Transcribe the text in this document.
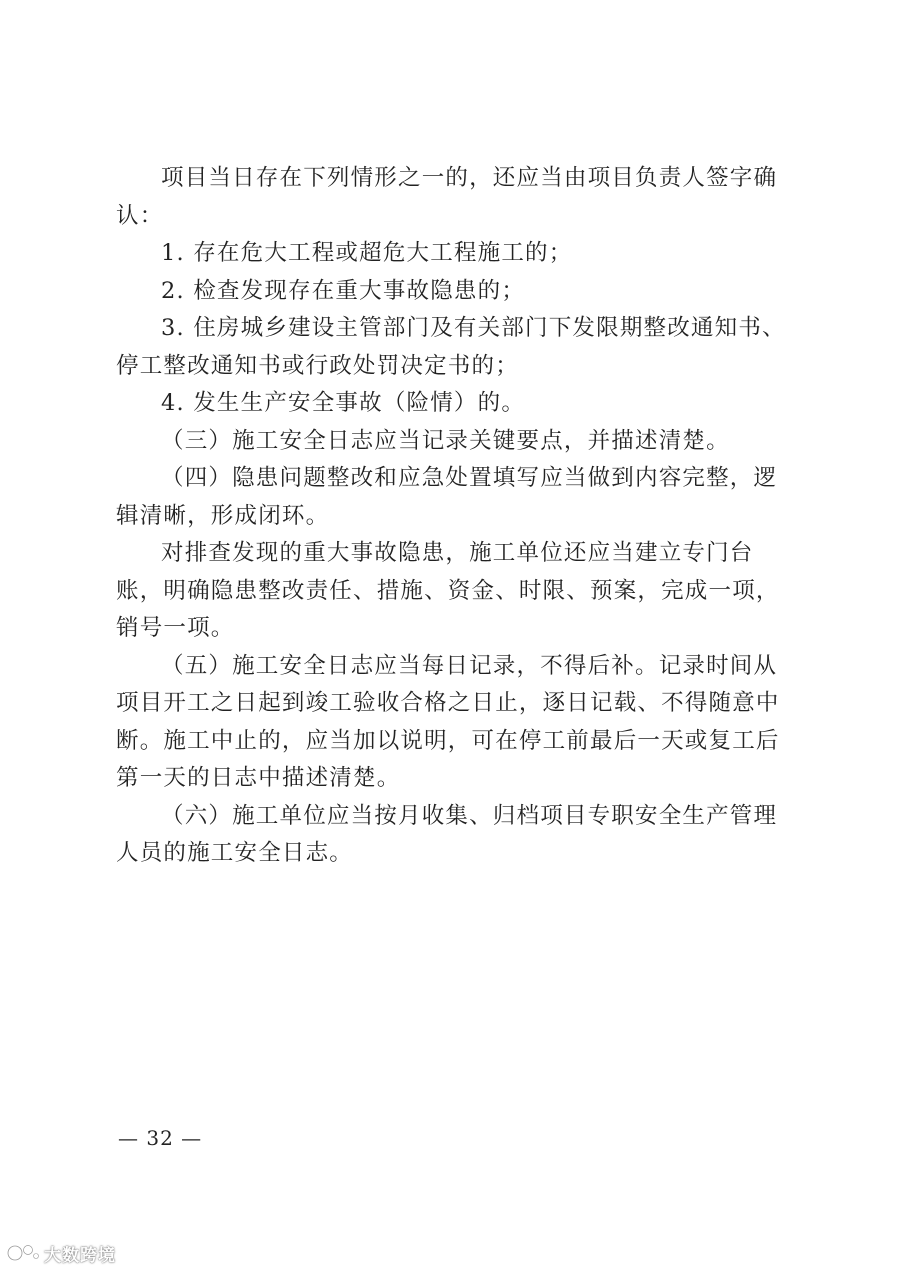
项目当日存在下列情形之一的，还应当由项目负责人签字确认：

1. 存在危大工程或超危大工程施工的；

2. 检查发现存在重大事故隐患的；

3. 住房城乡建设主管部门及有关部门下发限期整改通知书、停工整改通知书或行政处罚决定书的；

4. 发生生产安全事故（险情）的。

（三）施工安全日志应当记录关键要点，并描述清楚。

（四）隐患问题整改和应急处置填写应当做到内容完整，逻辑清晰，形成闭环。

对排查发现的重大事故隐患，施工单位还应当建立专门台账，明确隐患整改责任、措施、资金、时限、预案，完成一项，销号一项。

（五）施工安全日志应当每日记录，不得后补。记录时间从项目开工之日起到竣工验收合格之日止，逐日记载、不得随意中断。施工中止的，应当加以说明，可在停工前最后一天或复工后第一天的日志中描述清楚。

（六）施工单位应当按月收集、归档项目专职安全生产管理人员的施工安全日志。

— 32 —
大数跨境
